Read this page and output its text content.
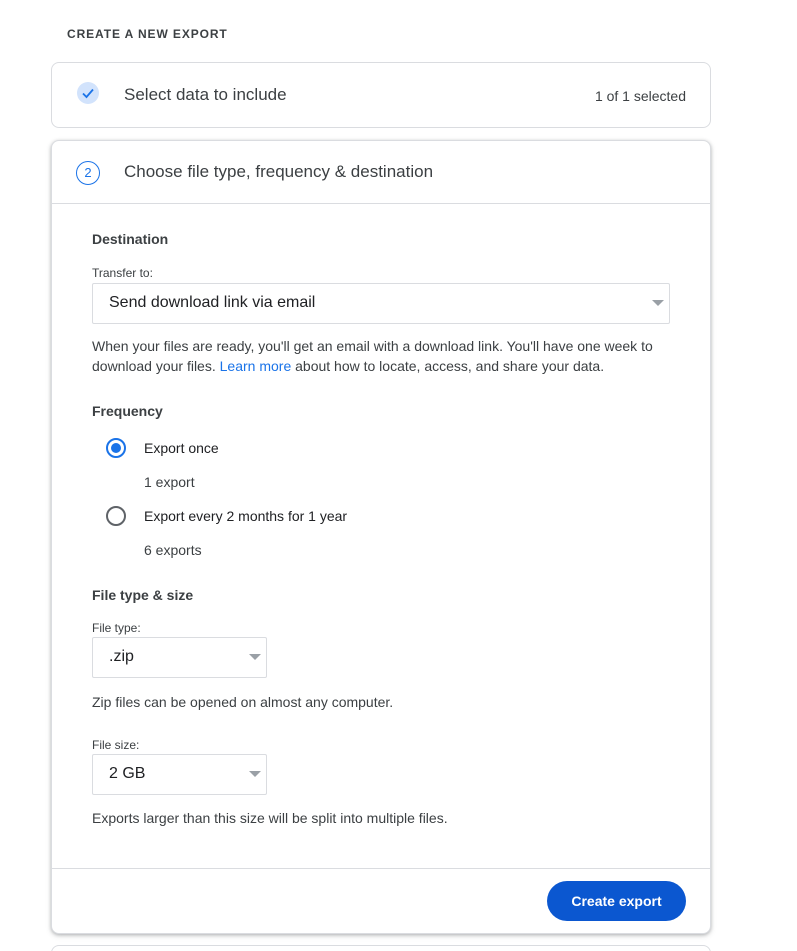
CREATE A NEW EXPORT
Select data to include	1 of 1 selected
2	Choose file type, frequency & destination
Destination
Transfer to:
Send download link via email
When your files are ready, you'll get an email with a download link. You'll have one week to download your files. Learn more about how to locate, access, and share your data.
Frequency
Export once
1 export
Export every 2 months for 1 year
6 exports
File type & size
File type:
.zip
Zip files can be opened on almost any computer.
File size:
2 GB
Exports larger than this size will be split into multiple files.
Create export
